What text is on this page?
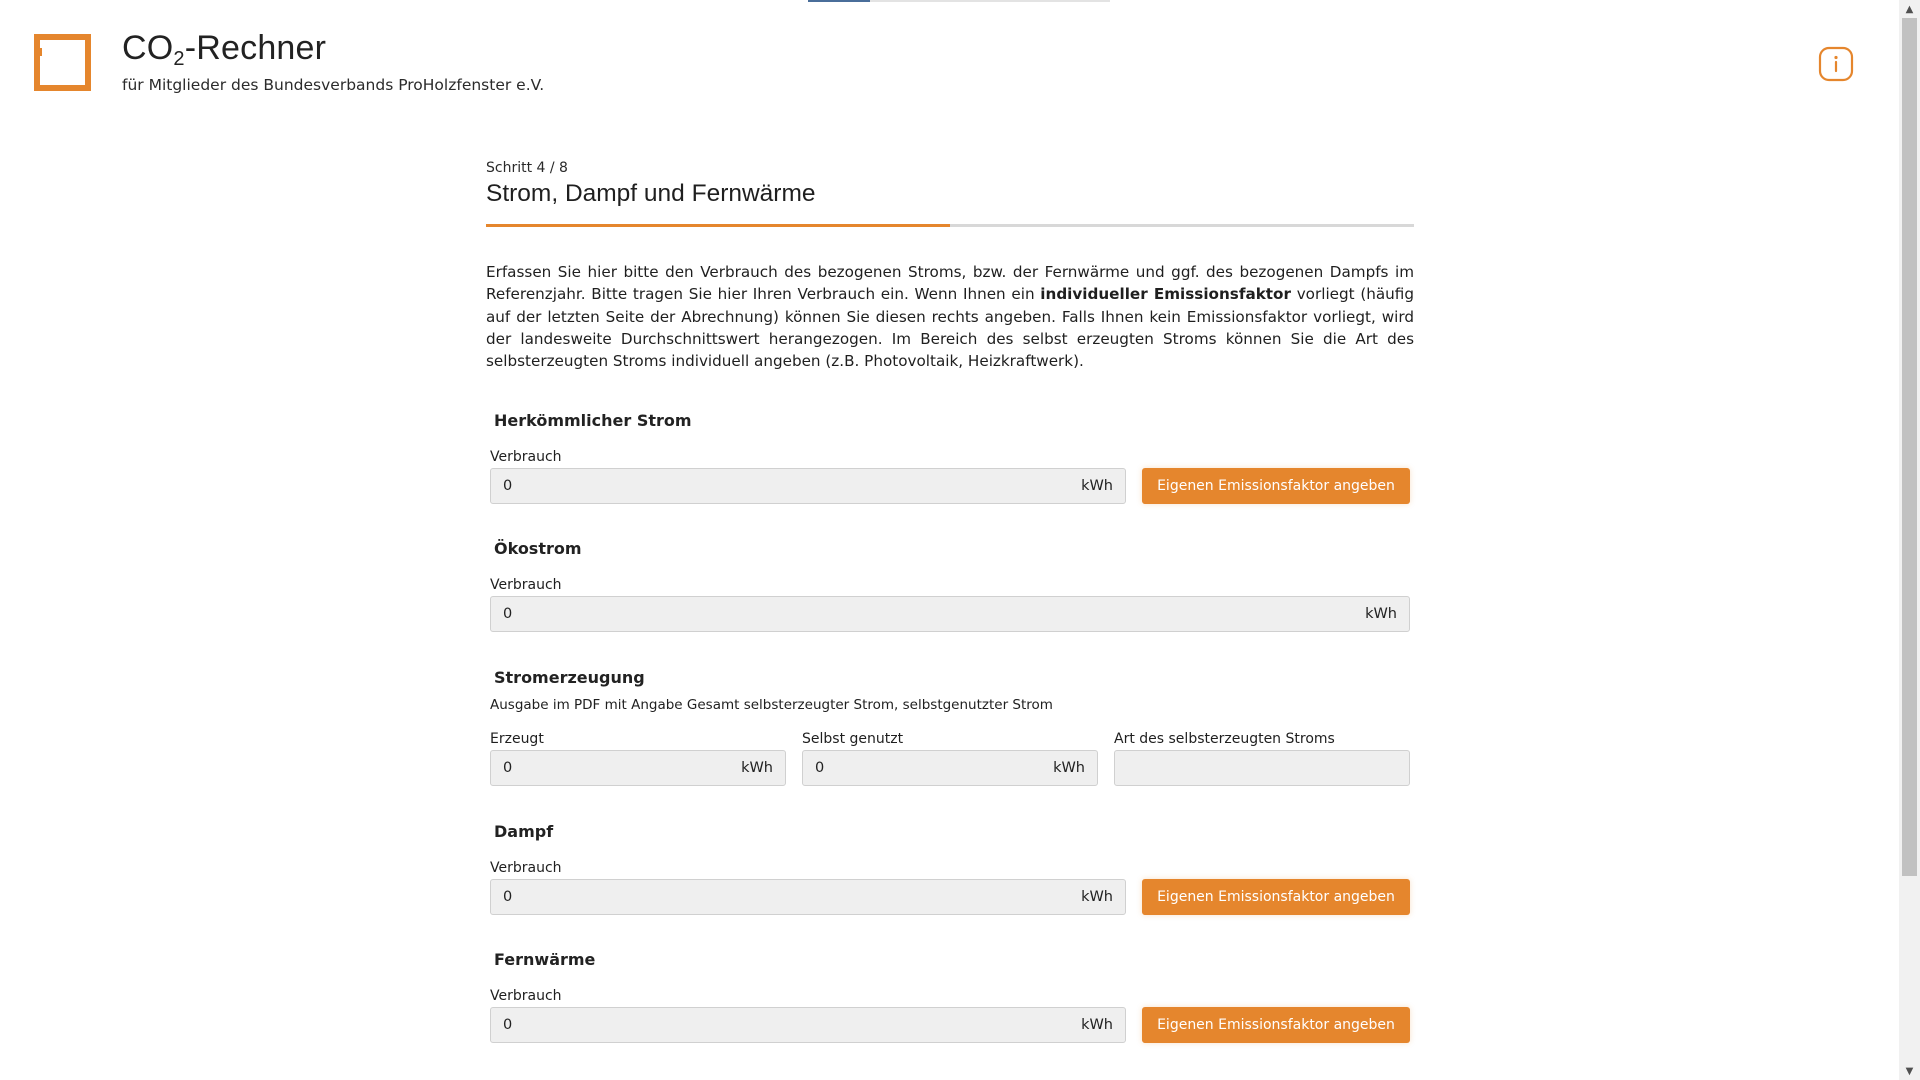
$CO_2$-Rechner
für Mitglieder des Bundesverbands ProHolzfenster e.V.
▲
▼
Schritt 4 / 8
Strom, Dampf und Fernwärme
Erfassen Sie hier bitte den Verbrauch des bezogenen Stroms, bzw. der Fernwärme und ggf. des bezogenen Dampfs im Referenzjahr. Bitte tragen Sie hier Ihren Verbrauch ein. Wenn Ihnen ein individueller Emissionsfaktor vorliegt (häufig auf der letzten Seite der Abrechnung) können Sie diesen rechts angeben. Falls Ihnen kein Emissionsfaktor vorliegt, wird der landesweite Durchschnittswert herangezogen. Im Bereich des selbst erzeugten Stroms können Sie die Art des selbsterzeugten Stroms individuell angeben (z.B. Photovoltaik, Heizkraftwerk).
Herkömmlicher Strom
Verbrauch
0	kWh	Eigenen Emissionsfaktor angeben
Ökostrom
Verbrauch
0	kWh
Stromerzeugung
Ausgabe im PDF mit Angabe Gesamt selbsterzeugter Strom, selbstgenutzter Strom
Erzeugt
0	kWh
Selbst genutzt
0	kWh
Art des selbsterzeugten Stroms
Dampf
Verbrauch
0	kWh	Eigenen Emissionsfaktor angeben
Fernwärme
Verbrauch
0	kWh	Eigenen Emissionsfaktor angeben
